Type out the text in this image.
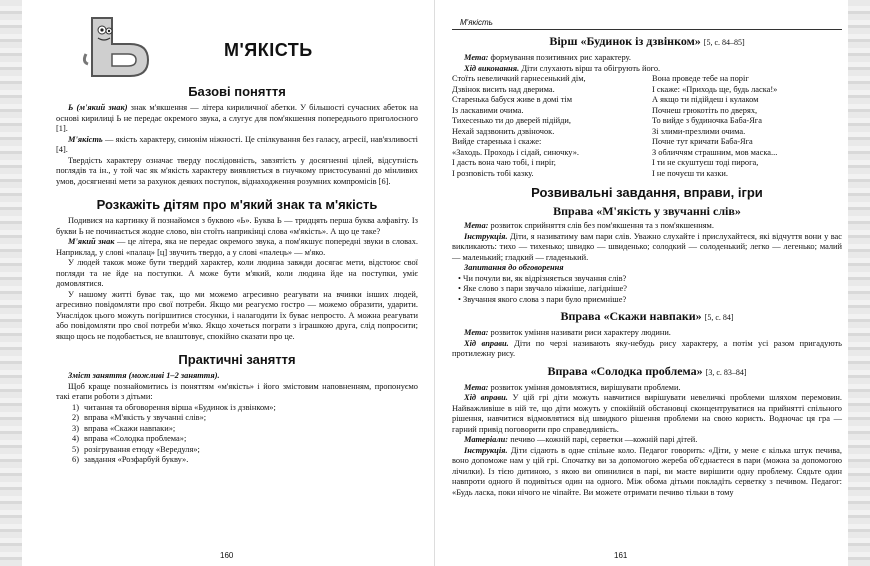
М'ЯКІСТЬ
Базові поняття

Ь (м'який знак) знак м'якшення — літера кириличної абетки. У більшості сучасних абеток на основі кирилиці Ь не передає окремого звука, а слугує для пом'якшення попереднього приголосного [1].

М'якість — якість характеру, синонім ніжності. Це спілкування без галасу, агресії, нав'язливості [4].

Твердість характеру означає тверду послідовність, завзятість у досягненні цілей, відсутність поглядів та ін., у той час як м'якість характеру виявляється в гнучкому пристосуванні до мінливих умов, досягненні мети за рахунок деяких поступок, віднаходження розумних компромісів [6].

Розкажіть дітям про м'який знак та м'якість

Подивися на картинку й познайомся з буквою «Ь». Буква Ь — тридцять перша буква алфавіту. Із букви Ь не починається жодне слово, він стоїть наприкінці слова «м'якість». А що це таке?

М'який знак — це літера, яка не передає окремого звука, а пом'якшує попередні звуки в словах. Наприклад, у слові «палац» [ц] звучить твердо, а у слові «палець» — м'яко.

У людей також може бути твердий характер, коли людина завжди досягає мети, відстоює свої погляди та не йде на поступки. А може бути м'який, коли людина йде на поступки, уміє домовлятися.

У нашому житті буває так, що ми можемо агресивно реагувати на вчинки інших людей, агресивно повідомляти про свої потреби. Якщо ми реагуємо гостро — можемо образити, ударити. Унаслідок цього можуть погіршитися стосунки, і налагодити їх буває непросто. А можна реагувати або повідомляти про свої потреби м'яко. Якщо хочеться пограти з іграшкою друга, слід попросити; якщо щось не подобається, не влаштовує, спокійно сказати про це.

Практичні заняття

Зміст заняття (можливі 1–2 заняття).

Щоб краще познайомитись із поняттям «м'якість» і його змістовим наповненням, пропонуємо такі етапи роботи з дітьми:

1) читання та обговорення вірша «Будинок із дзвінком»;
2) вправа «М'якість у звучанні слів»;
3) вправа «Скажи навпаки»;
4) вправа «Солодка проблема»;
5) розігрування етюду «Вередуля»;
6) завдання «Розфарбуй букву».
160
М'якість
Вірш «Будинок із дзвінком» [5, с. 84–85]

Мета: формування позитивних рис характеру.

Хід виконання. Діти слухають вірш та обігрують його.

Стоїть невеличкий гарнесенький дім,
Дзвінок висить над дверима.
Старенька бабуся живе в домі тім
Із ласкавими очима.
Тихесенько ти до дверей підійди,
Нехай задзвонить дзвіночок.
Вийде старенька і скаже:
«Заходь. Проходь і сідай, синочку».
І дасть вона чаю тобі, і пиріг,
І розповість тобі казку.
Вона проведе тебе на поріг
І скаже: «Приходь ще, будь ласка!»
А якщо ти підійдеш і кулаком
Почнеш грюкотіть по дверях,
То вийде з будиночка Баба-Яга
Зі злими-презлими очима.
Почне тут кричати Баба-Яга
З обличчям страшним, мов маска...
І ти не скуштуєш тоді пирога,
І не почуєш ти казки.
Розвивальні завдання, вправи, ігри
Вправа «М'якість у звучанні слів»

Мета: розвиток сприйняття слів без пом'якшення та з пом'якшенням.

Інструкція. Діти, я називатиму вам пари слів. Уважно слухайте і прислухайтеся, які відчуття вони у вас викликають: тихо — тихенько; швидко — швиденько; солодкий — солоденький; легко — легенько; малий — маленький; гладкий — гладенький.

Запитання до обговорення
• Чи почули ви, як відрізняється звучання слів?
• Яке слово з пари звучало ніжніше, лагідніше?
• Звучання якого слова з пари було приємніше?
Вправа «Скажи навпаки» [5, с. 84]

Мета: розвиток уміння називати риси характеру людини.

Хід вправи. Діти по черзі називають яку-небудь рису характеру, а потім усі разом пригадують протилежну рису.

Вправа «Солодка проблема» [3, с. 83–84]

Мета: розвиток уміння домовлятися, вирішувати проблеми.

Хід вправи. У цій грі діти можуть навчитися вирішувати невеличкі проблеми шляхом перемовин. Найважливіше в ній те, що діти можуть у спокійній обстановці сконцентруватися на прийнятті спільного рішення, навчитися відмовлятися від швидкого рішення проблеми на свою користь. Водночас ця гра — гарний привід поговорити про справедливість.

Матеріали: печиво —кожній парі, серветки —кожній парі дітей.

Інструкція. Діти сідають в одне спільне коло. Педагог говорить: «Діти, у мене є кілька штук печива, воно допоможе нам у цій грі. Спочатку ви за допомогою жереба об'єднаєтеся в пари (можна за допомогою лічилки). Із тією дитиною, з якою ви опинилися в парі, ви маєте вирішити одну проблему. Сядьте один навпроти одного й подивіться один на одного. Між обома дітьми покладіть серветку з печивом. Педагог: «Будь ласка, поки нічого не чіпайте. Ви можете отримати печиво тільки в тому

161
